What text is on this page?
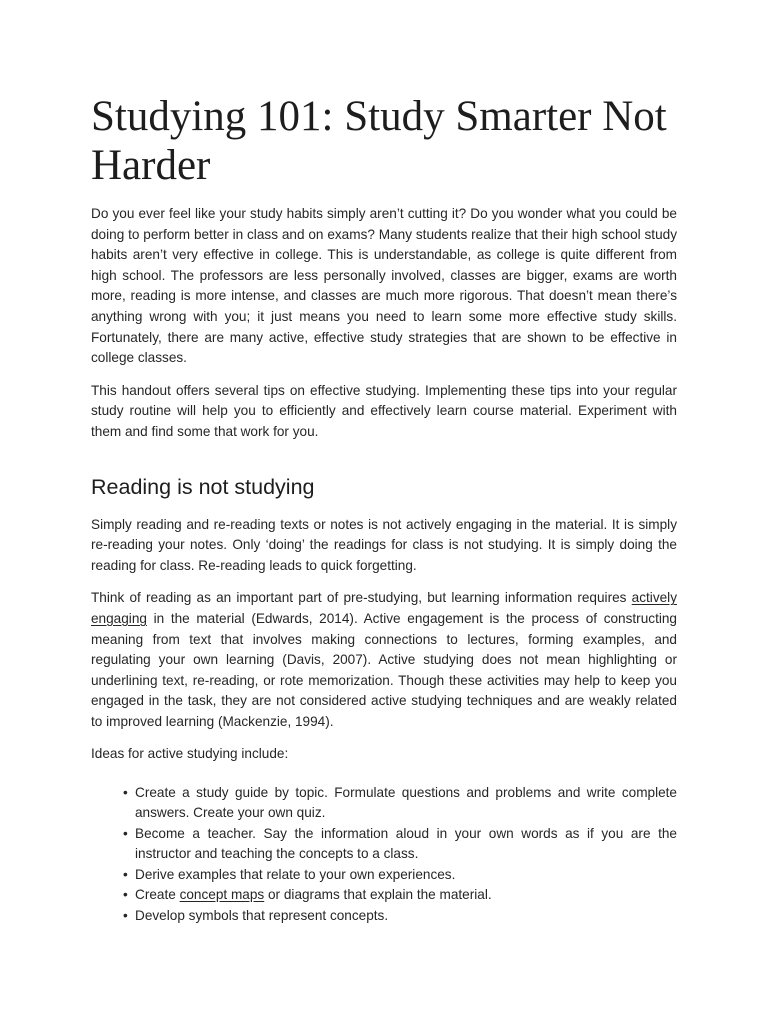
Studying 101: Study Smarter Not
Harder

Do you ever feel like your study habits simply aren’t cutting it? Do you wonder what you could be doing to perform better in class and on exams? Many students realize that their high school study habits aren’t very effective in college. This is understandable, as college is quite different from high school. The professors are less personally involved, classes are bigger, exams are worth more, reading is more intense, and classes are much more rigorous. That doesn’t mean there’s anything wrong with you; it just means you need to learn some more effective study skills. Fortunately, there are many active, effective study strategies that are shown to be effective in college classes.

This handout offers several tips on effective studying. Implementing these tips into your regular study routine will help you to efficiently and effectively learn course material. Experiment with them and find some that work for you.

Reading is not studying

Simply reading and re-reading texts or notes is not actively engaging in the material. It is simply re-reading your notes. Only ‘doing’ the readings for class is not studying. It is simply doing the reading for class. Re-reading leads to quick forgetting.

Think of reading as an important part of pre-studying, but learning information requires actively engaging in the material (Edwards, 2014). Active engagement is the process of constructing meaning from text that involves making connections to lectures, forming examples, and regulating your own learning (Davis, 2007). Active studying does not mean highlighting or underlining text, re-reading, or rote memorization. Though these activities may help to keep you engaged in the task, they are not considered active studying techniques and are weakly related to improved learning (Mackenzie, 1994).

Ideas for active studying include:

• Create a study guide by topic. Formulate questions and problems and write complete answers. Create your own quiz.
• Become a teacher. Say the information aloud in your own words as if you are the instructor and teaching the concepts to a class.
• Derive examples that relate to your own experiences.
• Create concept maps or diagrams that explain the material.
• Develop symbols that represent concepts.
